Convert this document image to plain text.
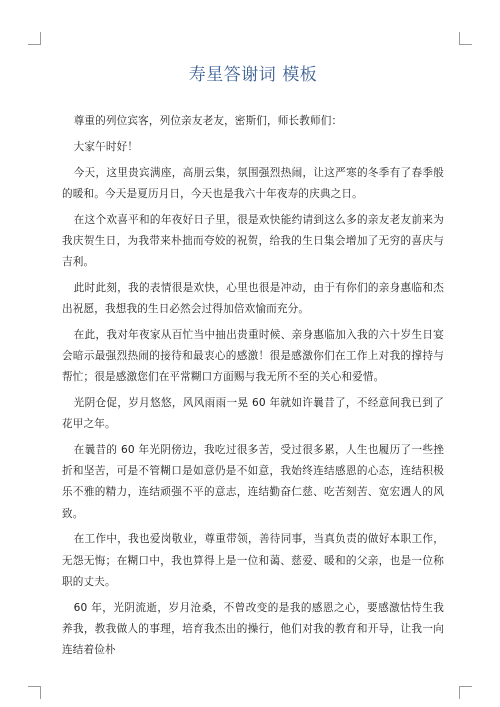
寿星答谢词 模板

尊重的列位宾客，列位亲友老友，密斯们，师长教师们：

大家午时好！

今天，这里贵宾满座，高朋云集，氛围强烈热闹，让这严寒的冬季有了春季般的暖和。今天是夏历月日，今天也是我六十年夜寿的庆典之日。

在这个欢喜平和的年夜好日子里，很是欢快能约请到这么多的亲友老友前来为我庆贺生日，为我带来朴拙而夸姣的祝贺，给我的生日集会增加了无穷的喜庆与吉利。

此时此刻，我的表情很是欢快，心里也很是冲动，由于有你们的亲身惠临和杰出祝愿，我想我的生日必然会过得加倍欢愉而充分。

在此，我对年夜家从百忙当中抽出贵重时候、亲身惠临加入我的六十岁生日宴会暗示最强烈热闹的接待和最衷心的感激！很是感激你们在工作上对我的撑持与帮忙；很是感激您们在平常糊口方面赐与我无所不至的关心和爱惜。

光阴仓促，岁月悠悠，风风雨雨一晃 60 年就如许曩昔了，不经意间我已到了花甲之年。

在曩昔的 60 年光阴傍边，我吃过很多苦，受过很多累，人生也履历了一些挫折和坚苦，可是不管糊口是如意仍是不如意，我始终连结感恩的心态，连结积极乐不雅的精力，连结顽强不平的意志，连结勤奋仁慈、吃苦刻苦、宽宏遇人的风致。

在工作中，我也爱岗敬业，尊重带领，善待同事，当真负责的做好本职工作，无怨无悔；在糊口中，我也算得上是一位和蔼、慈爱、暖和的父亲，也是一位称职的丈夫。

60 年，光阴流逝，岁月沧桑，不曾改变的是我的感恩之心，要感激怙恃生我养我，教我做人的事理，培育我杰出的操行，他们对我的教育和开导，让我一向连结着俭朴
